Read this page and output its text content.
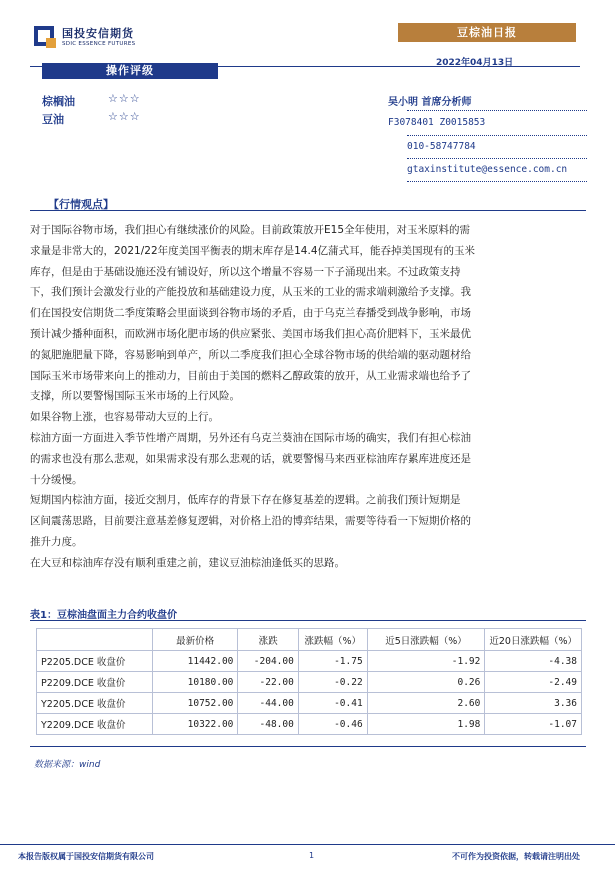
国投安信期货
SDIC ESSENCE FUTURES
豆棕油日报
2022年04月13日
操作评级
棕榈油	☆☆☆
豆油	☆☆☆
吴小明 首席分析师
F3078401 Z0015853
010-58747784
gtaxinstitute@essence.com.cn
【行情观点】
对于国际谷物市场，我们担心有继续涨价的风险。目前政策放开E15全年使用，对玉米原料的需
求量是非常大的，2021/22年度美国平衡表的期末库存是14.4亿蒲式耳，能吞掉美国现有的玉米
库存，但是由于基础设施还没有铺设好，所以这个增量不容易一下子涌现出来。不过政策支持
下，我们预计会激发行业的产能投放和基础建设力度，从玉米的工业的需求端刺激给予支撑。我
们在国投安信期货二季度策略会里面谈到谷物市场的矛盾，由于乌克兰春播受到战争影响，市场
预计减少播种面积，而欧洲市场化肥市场的供应紧张、美国市场我们担心高价肥料下，玉米最优
的氮肥施肥量下降，容易影响到单产，所以二季度我们担心全球谷物市场的供给端的驱动题材给
国际玉米市场带来向上的推动力，目前由于美国的燃料乙醇政策的放开，从工业需求端也给予了
支撑，所以要警惕国际玉米市场的上行风险。
如果谷物上涨，也容易带动大豆的上行。
棕油方面一方面进入季节性增产周期，另外还有乌克兰葵油在国际市场的确实，我们有担心棕油
的需求也没有那么悲观，如果需求没有那么悲观的话，就要警惕马来西亚棕油库存累库进度还是
十分缓慢。
短期国内棕油方面，接近交割月，低库存的背景下存在修复基差的逻辑。之前我们预计短期是
区间震荡思路，目前要注意基差修复逻辑，对价格上沿的博弈结果，需要等待看一下短期价格的
推升力度。
在大豆和棕油库存没有顺利重建之前，建议豆油棕油逢低买的思路。
表1：豆棕油盘面主力合约收盘价
	最新价格	涨跌	涨跌幅（%）	近5日涨跌幅（%）	近20日涨跌幅（%）
P2205.DCE 收盘价	11442.00	-204.00	-1.75	-1.92	-4.38
P2209.DCE 收盘价	10180.00	-22.00	-0.22	0.26	-2.49
Y2205.DCE 收盘价	10752.00	-44.00	-0.41	2.60	3.36
Y2209.DCE 收盘价	10322.00	-48.00	-0.46	1.98	-1.07
数据来源：wind
本报告版权属于国投安信期货有限公司	1	不可作为投资依据，转载请注明出处
